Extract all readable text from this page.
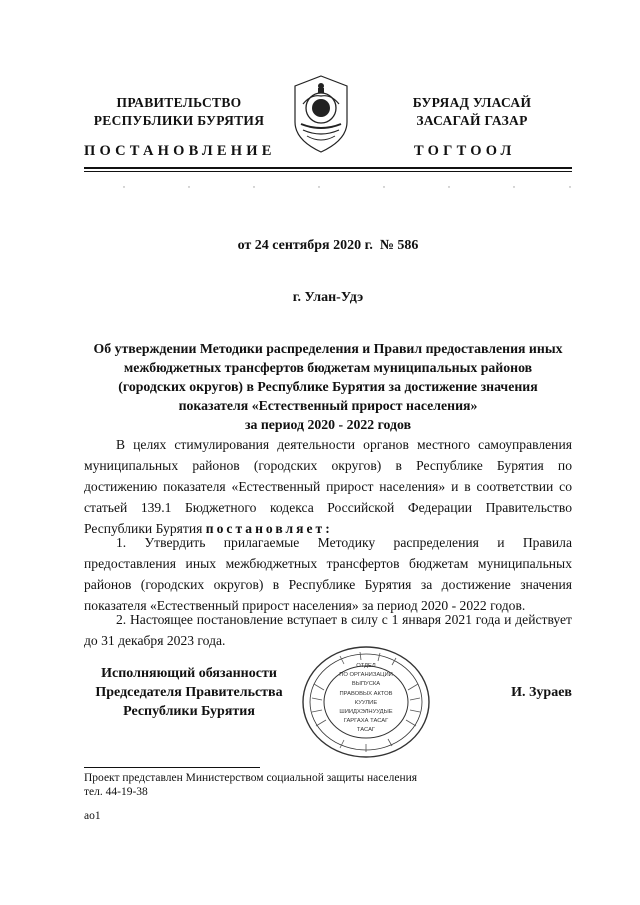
ПРАВИТЕЛЬСТВО
РЕСПУБЛИКИ БУРЯТИЯ
БУРЯАД УЛАСАЙ
ЗАСАГАЙ ГАЗАР
ПОСТАНОВЛЕНИЕ	ТОГТООЛ
от 24 сентября 2020 г.  № 586
г. Улан-Удэ
Об утверждении Методики распределения и Правил предоставления иных
межбюджетных трансфертов бюджетам муниципальных районов
(городских округов) в Республике Бурятия за достижение значения
показателя «Естественный прирост населения»
за период 2020 - 2022 годов
В целях стимулирования деятельности органов местного самоуправления муниципальных районов (городских округов) в Республике Бурятия по достижению показателя «Естественный прирост населения» и в соответствии со статьей 139.1 Бюджетного кодекса Российской Федерации Правительство Республики Бурятия постановляет:
1. Утвердить прилагаемые Методику распределения и Правила предоставления иных межбюджетных трансфертов бюджетам муниципальных районов (городских округов) в Республике Бурятия за достижение значения показателя «Естественный прирост населения» за период 2020 - 2022 годов.
2. Настоящее постановление вступает в силу с 1 января 2021 года и действует до 31 декабря 2023 года.
Исполняющий обязанности
Председателя Правительства
Республики Бурятия
ОТДЕЛ
ПО ОРГАНИЗАЦИИ
ВЫПУСКА
ПРАВОВЫХ АКТОВ
КУУЛИЕ
ШИИДХЭЛНУУДЫЕ
ГАРГАХА ТАСАГ
ТАСАГ
И. Зураев
Проект представлен Министерством социальной защиты населения
тел. 44-19-38
ао1
